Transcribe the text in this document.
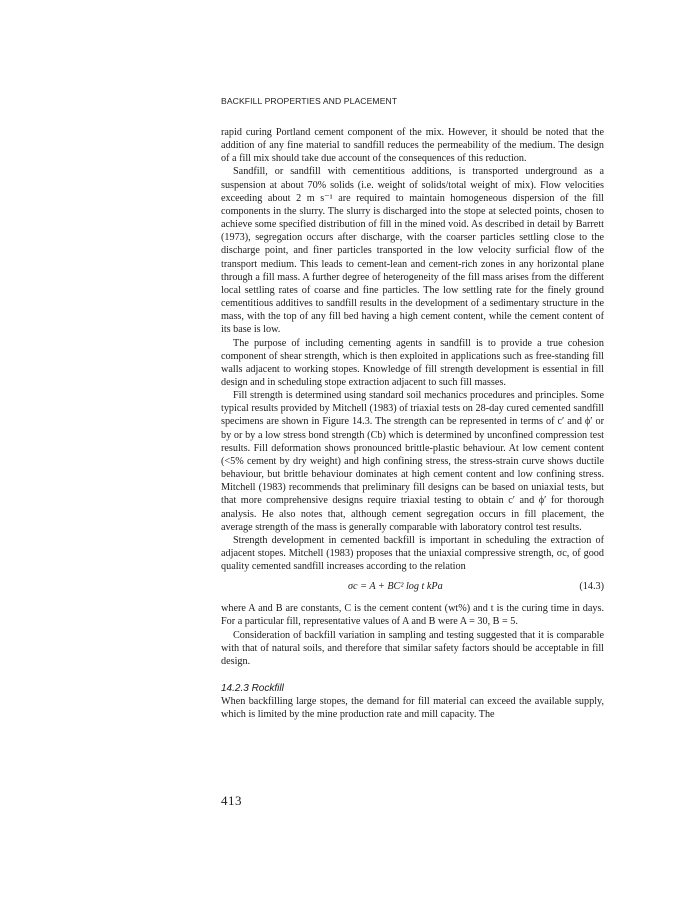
BACKFILL PROPERTIES AND PLACEMENT

rapid curing Portland cement component of the mix. However, it should be noted that the addition of any fine material to sandfill reduces the permeability of the medium. The design of a fill mix should take due account of the consequences of this reduction.

Sandfill, or sandfill with cementitious additions, is transported underground as a suspension at about 70% solids (i.e. weight of solids/total weight of mix). Flow velocities exceeding about 2 m s⁻¹ are required to maintain homogeneous dispersion of the fill components in the slurry. The slurry is discharged into the stope at selected points, chosen to achieve some specified distribution of fill in the mined void. As described in detail by Barrett (1973), segregation occurs after discharge, with the coarser particles settling close to the discharge point, and finer particles transported in the low velocity surficial flow of the transport medium. This leads to cement-lean and cement-rich zones in any horizontal plane through a fill mass. A further degree of heterogeneity of the fill mass arises from the different local settling rates of coarse and fine particles. The low settling rate for the finely ground cementitious additives to sandfill results in the development of a sedimentary structure in the mass, with the top of any fill bed having a high cement content, while the cement content of its base is low.

The purpose of including cementing agents in sandfill is to provide a true cohesion component of shear strength, which is then exploited in applications such as free-standing fill walls adjacent to working stopes. Knowledge of fill strength development is essential in fill design and in scheduling stope extraction adjacent to such fill masses.

Fill strength is determined using standard soil mechanics procedures and principles. Some typical results provided by Mitchell (1983) of triaxial tests on 28-day cured cemented sandfill specimens are shown in Figure 14.3. The strength can be represented in terms of c′ and ϕ′ or by or by a low stress bond strength (Cb) which is determined by unconfined compression test results. Fill deformation shows pronounced brittle-plastic behaviour. At low cement content (<5% cement by dry weight) and high confining stress, the stress-strain curve shows ductile behaviour, but brittle behaviour dominates at high cement content and low confining stress. Mitchell (1983) recommends that preliminary fill designs can be based on uniaxial tests, but that more comprehensive designs require triaxial testing to obtain c′ and ϕ′ for thorough analysis. He also notes that, although cement segregation occurs in fill placement, the average strength of the mass is generally comparable with laboratory control test results.

Strength development in cemented backfill is important in scheduling the extraction of adjacent stopes. Mitchell (1983) proposes that the uniaxial compressive strength, σc, of good quality cemented sandfill increases according to the relation

σc = A + BC² log t kPa	(14.3)

where A and B are constants, C is the cement content (wt%) and t is the curing time in days. For a particular fill, representative values of A and B were A = 30, B = 5.

Consideration of backfill variation in sampling and testing suggested that it is comparable with that of natural soils, and therefore that similar safety factors should be acceptable in fill design.

14.2.3 Rockfill

When backfilling large stopes, the demand for fill material can exceed the available supply, which is limited by the mine production rate and mill capacity. The

413
